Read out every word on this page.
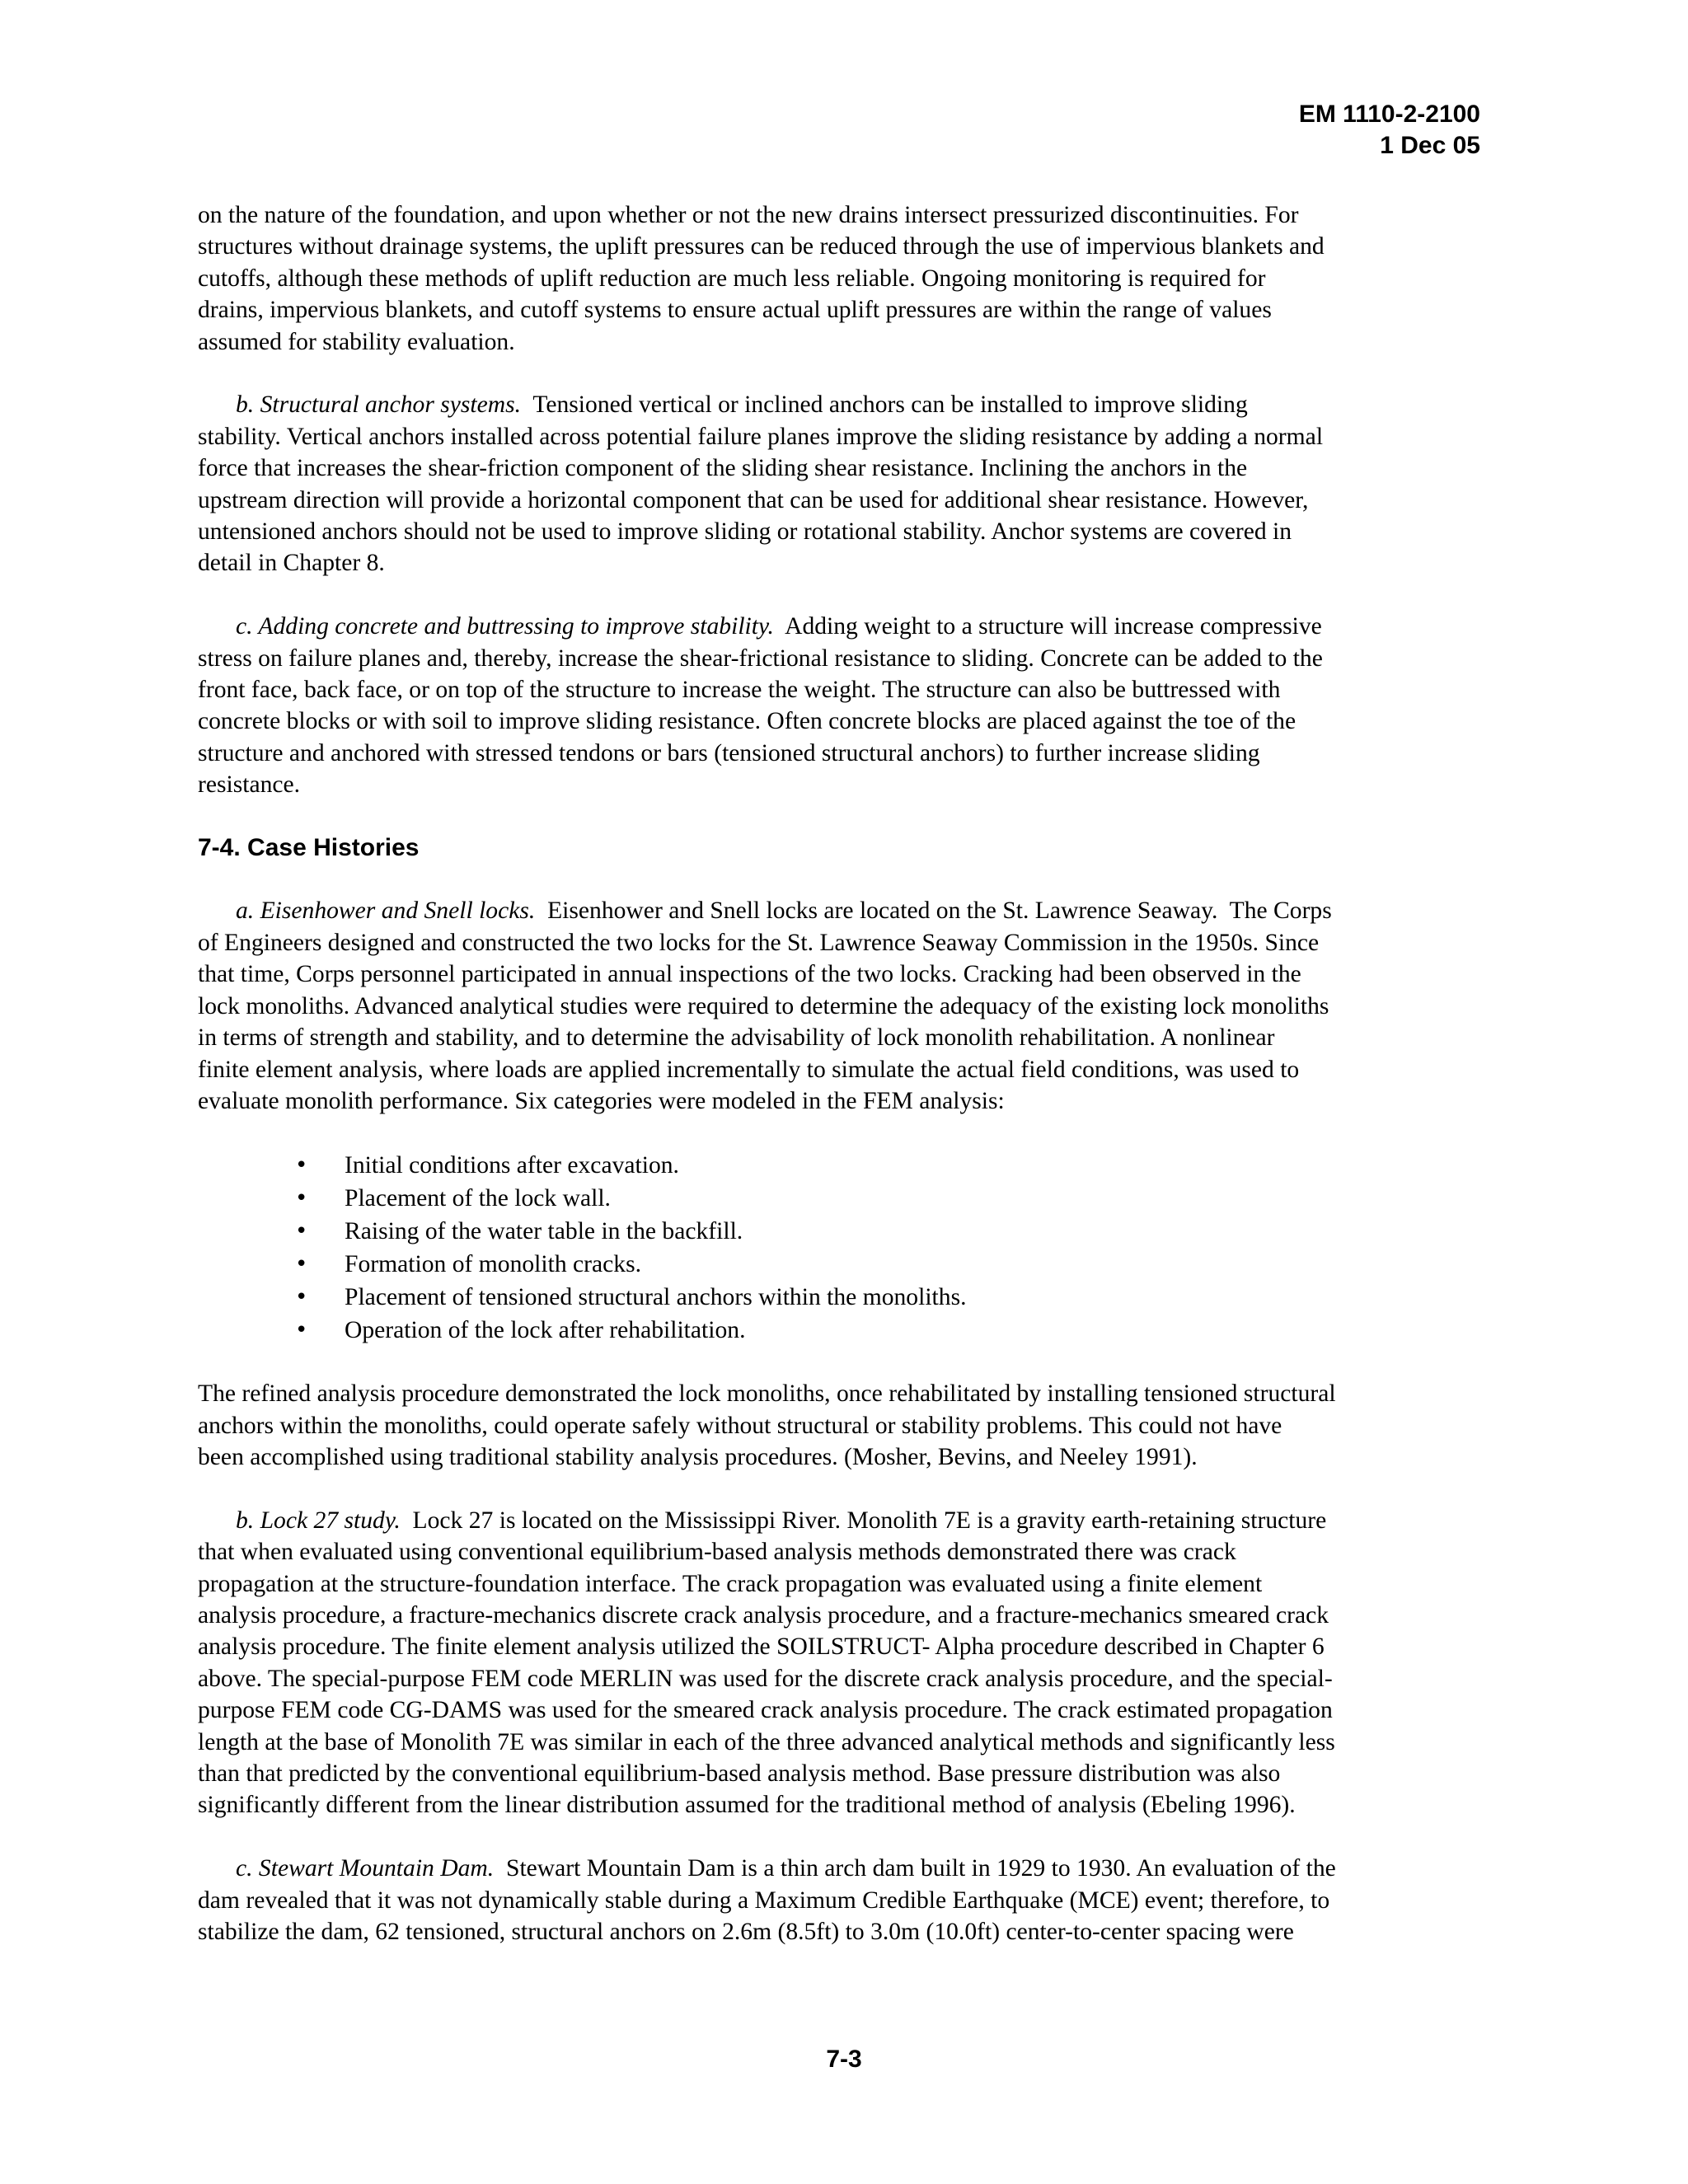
EM 1110-2-2100
1 Dec 05

on the nature of the foundation, and upon whether or not the new drains intersect pressurized discontinuities. For
structures without drainage systems, the uplift pressures can be reduced through the use of impervious blankets and
cutoffs, although these methods of uplift reduction are much less reliable. Ongoing monitoring is required for
drains, impervious blankets, and cutoff systems to ensure actual uplift pressures are within the range of values
assumed for stability evaluation.

b. Structural anchor systems.  Tensioned vertical or inclined anchors can be installed to improve sliding
stability. Vertical anchors installed across potential failure planes improve the sliding resistance by adding a normal
force that increases the shear-friction component of the sliding shear resistance. Inclining the anchors in the
upstream direction will provide a horizontal component that can be used for additional shear resistance. However,
untensioned anchors should not be used to improve sliding or rotational stability. Anchor systems are covered in
detail in Chapter 8.

c. Adding concrete and buttressing to improve stability.  Adding weight to a structure will increase compressive
stress on failure planes and, thereby, increase the shear-frictional resistance to sliding. Concrete can be added to the
front face, back face, or on top of the structure to increase the weight. The structure can also be buttressed with
concrete blocks or with soil to improve sliding resistance. Often concrete blocks are placed against the toe of the
structure and anchored with stressed tendons or bars (tensioned structural anchors) to further increase sliding
resistance.

7-4. Case Histories

a. Eisenhower and Snell locks.  Eisenhower and Snell locks are located on the St. Lawrence Seaway.  The Corps
of Engineers designed and constructed the two locks for the St. Lawrence Seaway Commission in the 1950s. Since
that time, Corps personnel participated in annual inspections of the two locks. Cracking had been observed in the
lock monoliths. Advanced analytical studies were required to determine the adequacy of the existing lock monoliths
in terms of strength and stability, and to determine the advisability of lock monolith rehabilitation. A nonlinear
finite element analysis, where loads are applied incrementally to simulate the actual field conditions, was used to
evaluate monolith performance. Six categories were modeled in the FEM analysis:

• Initial conditions after excavation.
• Placement of the lock wall.
• Raising of the water table in the backfill.
• Formation of monolith cracks.
• Placement of tensioned structural anchors within the monoliths.
• Operation of the lock after rehabilitation.

The refined analysis procedure demonstrated the lock monoliths, once rehabilitated by installing tensioned structural
anchors within the monoliths, could operate safely without structural or stability problems. This could not have
been accomplished using traditional stability analysis procedures. (Mosher, Bevins, and Neeley 1991).

b. Lock 27 study.  Lock 27 is located on the Mississippi River. Monolith 7E is a gravity earth-retaining structure
that when evaluated using conventional equilibrium-based analysis methods demonstrated there was crack
propagation at the structure-foundation interface. The crack propagation was evaluated using a finite element
analysis procedure, a fracture-mechanics discrete crack analysis procedure, and a fracture-mechanics smeared crack
analysis procedure. The finite element analysis utilized the SOILSTRUCT- Alpha procedure described in Chapter 6
above. The special-purpose FEM code MERLIN was used for the discrete crack analysis procedure, and the special-
purpose FEM code CG-DAMS was used for the smeared crack analysis procedure. The crack estimated propagation
length at the base of Monolith 7E was similar in each of the three advanced analytical methods and significantly less
than that predicted by the conventional equilibrium-based analysis method. Base pressure distribution was also
significantly different from the linear distribution assumed for the traditional method of analysis (Ebeling 1996).

c. Stewart Mountain Dam.  Stewart Mountain Dam is a thin arch dam built in 1929 to 1930. An evaluation of the
dam revealed that it was not dynamically stable during a Maximum Credible Earthquake (MCE) event; therefore, to
stabilize the dam, 62 tensioned, structural anchors on 2.6m (8.5ft) to 3.0m (10.0ft) center-to-center spacing were

7-3
